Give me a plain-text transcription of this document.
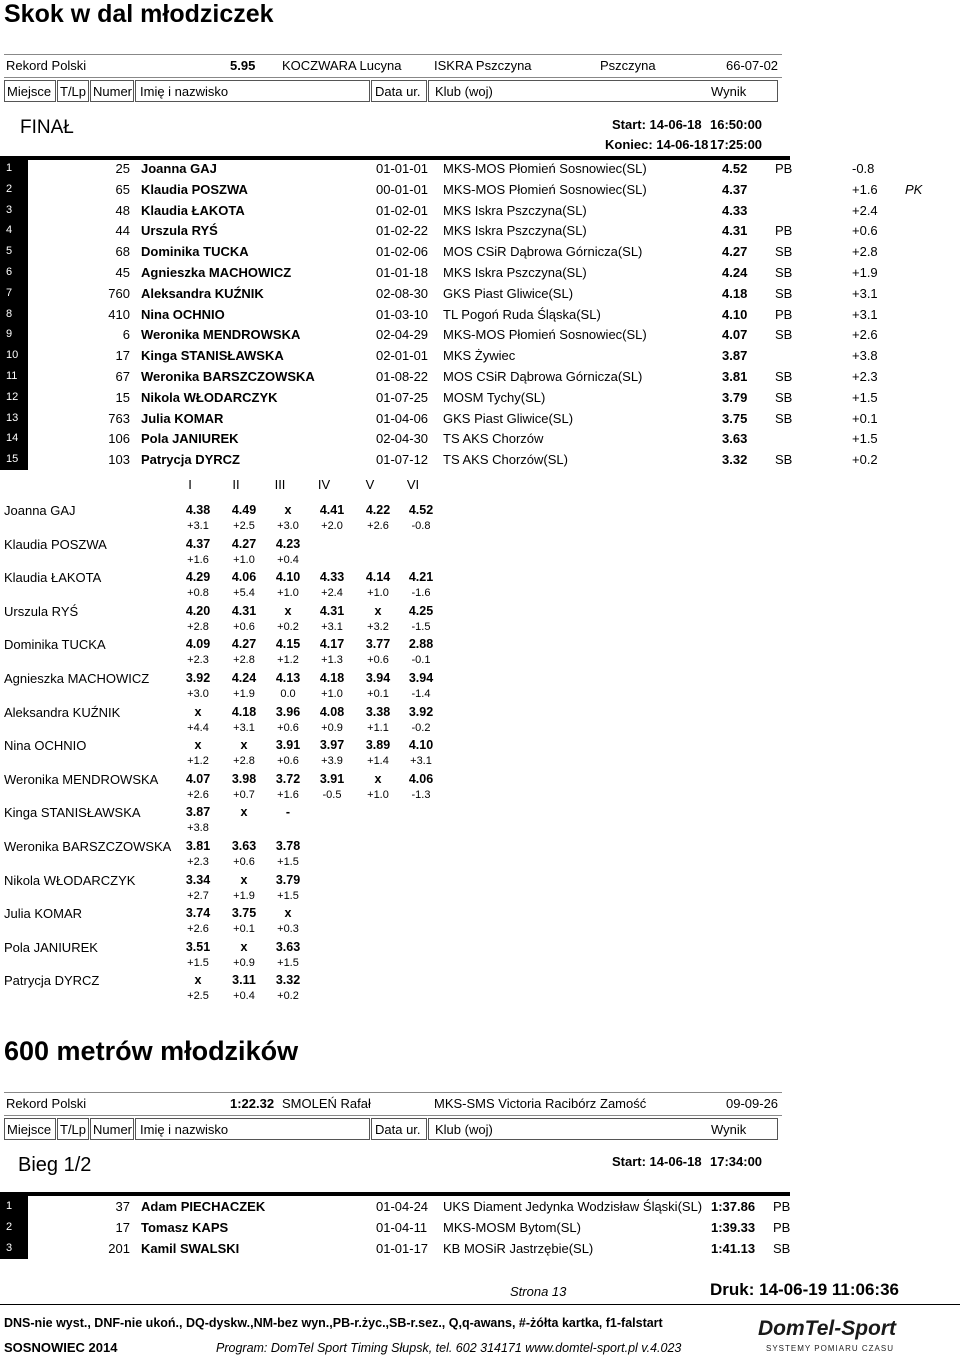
Skok w dal młodziczek
Rekord Polski	5.95 KOCZWARA Lucyna	ISKRA Pszczyna	Pszczyna	66-07-02
Miejsce T/Lp Numer Imię i nazwisko	Data ur. Klub (woj)	Wynik
FINAŁ	Start: 14-06-18 16:50:00
Koniec: 14-06-18 17:25:00
1	25 Joanna GAJ	01-01-01 MKS-MOS Płomień Sosnowiec(SL)	4.52 PB	-0.8
2	65 Klaudia POSZWA	00-01-01 MKS-MOS Płomień Sosnowiec(SL)	4.37	+1.6 PK
3	48 Klaudia ŁAKOTA	01-02-01 MKS Iskra Pszczyna(SL)	4.33	+2.4
4	44 Urszula RYŚ	01-02-22 MKS Iskra Pszczyna(SL)	4.31 PB	+0.6
5	68 Dominika TUCKA	01-02-06 MOS CSiR Dąbrowa Górnicza(SL)	4.27 SB	+2.8
6	45 Agnieszka MACHOWICZ	01-01-18 MKS Iskra Pszczyna(SL)	4.24 SB	+1.9
7	760 Aleksandra KUŹNIK	02-08-30 GKS Piast Gliwice(SL)	4.18 SB	+3.1
8	410 Nina OCHNIO	01-03-10 TL Pogoń Ruda Śląska(SL)	4.10 PB	+3.1
9	6 Weronika MENDROWSKA	02-04-29 MKS-MOS Płomień Sosnowiec(SL)	4.07 SB	+2.6
10	17 Kinga STANISŁAWSKA	02-01-01 MKS Żywiec	3.87	+3.8
11	67 Weronika BARSZCZOWSKA	01-08-22 MOS CSiR Dąbrowa Górnicza(SL)	3.81 SB	+2.3
12	15 Nikola WŁODARCZYK	01-07-25 MOSM Tychy(SL)	3.79 SB	+1.5
13	763 Julia KOMAR	01-04-06 GKS Piast Gliwice(SL)	3.75 SB	+0.1
14	106 Pola JANIUREK	02-04-30 TS AKS Chorzów	3.63	+1.5
15	103 Patrycja DYRCZ	01-07-12 TS AKS Chorzów(SL)	3.32 SB	+0.2
I	II	III	IV	V	VI
Joanna GAJ	4.38	4.49	x	4.41	4.22	4.52
+3.1	+2.5	+3.0	+2.0	+2.6	-0.8
Klaudia POSZWA	4.37	4.27	4.23
+1.6	+1.0	+0.4
Klaudia ŁAKOTA	4.29	4.06	4.10	4.33	4.14	4.21
+0.8	+5.4	+1.0	+2.4	+1.0	-1.6
Urszula RYŚ	4.20	4.31	x	4.31	x	4.25
+2.8	+0.6	+0.2	+3.1	+3.2	-1.5
Dominika TUCKA	4.09	4.27	4.15	4.17	3.77	2.88
+2.3	+2.8	+1.2	+1.3	+0.6	-0.1
Agnieszka MACHOWICZ	3.92	4.24	4.13	4.18	3.94	3.94
+3.0	+1.9	0.0	+1.0	+0.1	-1.4
Aleksandra KUŹNIK	x	4.18	3.96	4.08	3.38	3.92
+4.4	+3.1	+0.6	+0.9	+1.1	-0.2
Nina OCHNIO	x	x	3.91	3.97	3.89	4.10
+1.2	+2.8	+0.6	+3.9	+1.4	+3.1
Weronika MENDROWSKA	4.07	3.98	3.72	3.91	x	4.06
+2.6	+0.7	+1.6	-0.5	+1.0	-1.3
Kinga STANISŁAWSKA	3.87	x	-
+3.8
Weronika BARSZCZOWSKA	3.81	3.63	3.78
+2.3	+0.6	+1.5
Nikola WŁODARCZYK	3.34	x	3.79
+2.7	+1.9	+1.5
Julia KOMAR	3.74	3.75	x
+2.6	+0.1	+0.3
Pola JANIUREK	3.51	x	3.63
+1.5	+0.9	+1.5
Patrycja DYRCZ	x	3.11	3.32
+2.5	+0.4	+0.2
600 metrów młodzików
Rekord Polski	1:22.32 SMOLEŃ Rafał	MKS-SMS Victoria Racibórz Zamość	09-09-26
Miejsce T/Lp Numer Imię i nazwisko	Data ur. Klub (woj)	Wynik
Bieg 1/2	Start: 14-06-18 17:34:00
1	37 Adam PIECHACZEK	01-04-24 UKS Diament Jedynka Wodzisław Śląski(SL) 1:37.86 PB
2	17 Tomasz KAPS	01-04-11 MKS-MOSM Bytom(SL)	1:39.33 PB
3	201 Kamil SWALSKI	01-01-17 KB MOSiR Jastrzębie(SL)	1:41.13 SB
Strona 13	Druk: 14-06-19 11:06:36
DNS-nie wyst., DNF-nie ukoń., DQ-dyskw.,NM-bez wyn.,PB-r.życ.,SB-r.sez., Q,q-awans, #-żółta kartka, f1-falstart
SOSNOWIEC 2014	Program: DomTel Sport Timing Słupsk, tel. 602 314171 www.domtel-sport.pl v.4.023
DomTel-Sport
SYSTEMY POMIARU CZASU
